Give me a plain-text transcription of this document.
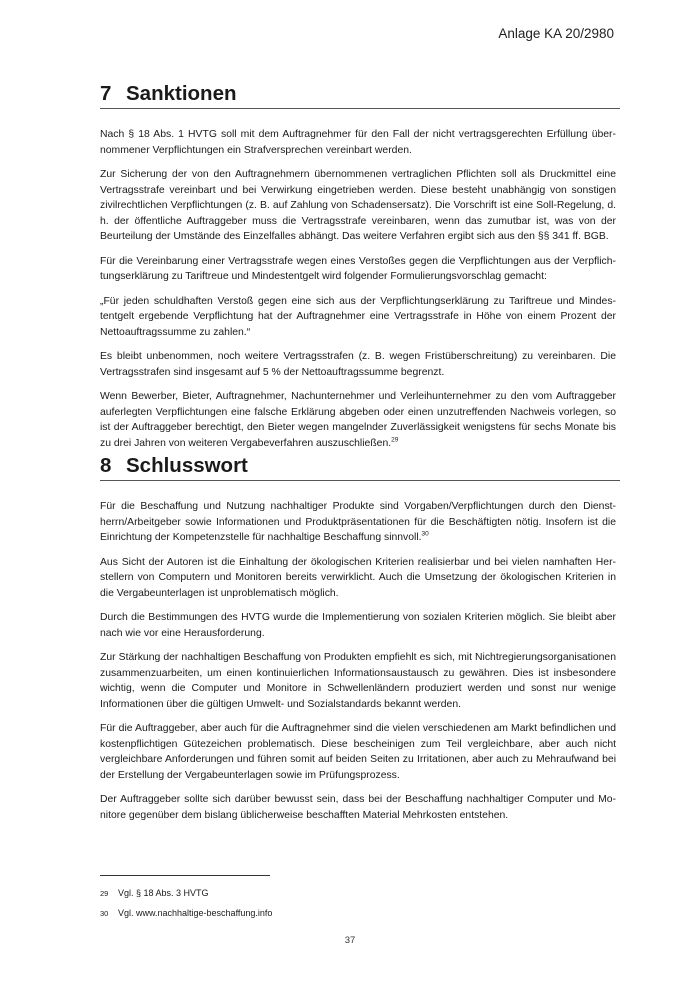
Anlage KA 20/2980
7 Sanktionen

Nach § 18 Abs. 1 HVTG soll mit dem Auftragnehmer für den Fall der nicht vertragsgerechten Erfüllung übernommener Verpflichtungen ein Strafversprechen vereinbart werden.

Zur Sicherung der von den Auftragnehmern übernommenen vertraglichen Pflichten soll als Druckmittel eine Vertragsstrafe vereinbart und bei Verwirkung eingetrieben werden. Diese besteht unabhängig von sonstigen zivilrechtlichen Verpflichtungen (z. B. auf Zahlung von Schadensersatz). Die Vorschrift ist eine Soll-Regelung, d. h. der öffentliche Auftraggeber muss die Vertragsstrafe vereinbaren, wenn das zumutbar ist, was von der Beurteilung der Umstände des Einzelfalles abhängt. Das weitere Verfahren ergibt sich aus den §§ 341 ff. BGB.

Für die Vereinbarung einer Vertragsstrafe wegen eines Verstoßes gegen die Verpflichtungen aus der Verpflichtungserklärung zu Tariftreue und Mindestentgelt wird folgender Formulierungsvorschlag gemacht:

„Für jeden schuldhaften Verstoß gegen eine sich aus der Verpflichtungserklärung zu Tariftreue und Mindestentgelt ergebende Verpflichtung hat der Auftragnehmer eine Vertragsstrafe in Höhe von einem Prozent der Nettoauftragssumme zu zahlen.“

Es bleibt unbenommen, noch weitere Vertragsstrafen (z. B. wegen Fristüberschreitung) zu vereinbaren. Die Vertragsstrafen sind insgesamt auf 5 % der Nettoauftragssumme begrenzt.

Wenn Bewerber, Bieter, Auftragnehmer, Nachunternehmer und Verleihunternehmer zu den vom Auftraggeber auferlegten Verpflichtungen eine falsche Erklärung abgeben oder einen unzutreffenden Nachweis vorlegen, so ist der Auftraggeber berechtigt, den Bieter wegen mangelnder Zuverlässigkeit wenigstens für sechs Monate bis zu drei Jahren von weiteren Vergabeverfahren auszuschließen.$^{29}$

8 Schlusswort

Für die Beschaffung und Nutzung nachhaltiger Produkte sind Vorgaben/Verpflichtungen durch den Dienstherrn/Arbeitgeber sowie Informationen und Produktpräsentationen für die Beschäftigten nötig. Insofern ist die Einrichtung der Kompetenzstelle für nachhaltige Beschaffung sinnvoll.$^{30}$

Aus Sicht der Autoren ist die Einhaltung der ökologischen Kriterien realisierbar und bei vielen namhaften Herstellern von Computern und Monitoren bereits verwirklicht. Auch die Umsetzung der ökologischen Kriterien in die Vergabeunterlagen ist unproblematisch möglich.

Durch die Bestimmungen des HVTG wurde die Implementierung von sozialen Kriterien möglich. Sie bleibt aber nach wie vor eine Herausforderung.

Zur Stärkung der nachhaltigen Beschaffung von Produkten empfiehlt es sich, mit Nichtregierungsorganisationen zusammenzuarbeiten, um einen kontinuierlichen Informationsaustausch zu gewähren. Dies ist insbesondere wichtig, wenn die Computer und Monitore in Schwellenländern produziert werden und sonst nur wenige Informationen über die gültigen Umwelt- und Sozialstandards bekannt werden.

Für die Auftraggeber, aber auch für die Auftragnehmer sind die vielen verschiedenen am Markt befindlichen und kostenpflichtigen Gütezeichen problematisch. Diese bescheinigen zum Teil vergleichbare, aber auch nicht vergleichbare Anforderungen und führen somit auf beiden Seiten zu Irritationen, aber auch zu Mehraufwand bei der Erstellung der Vergabeunterlagen sowie im Prüfungsprozess.

Der Auftraggeber sollte sich darüber bewusst sein, dass bei der Beschaffung nachhaltiger Computer und Monitore gegenüber dem bislang üblicherweise beschafften Material Mehrkosten entstehen.

29	Vgl. § 18 Abs. 3 HVTG
30	Vgl. www.nachhaltige-beschaffung.info
37
